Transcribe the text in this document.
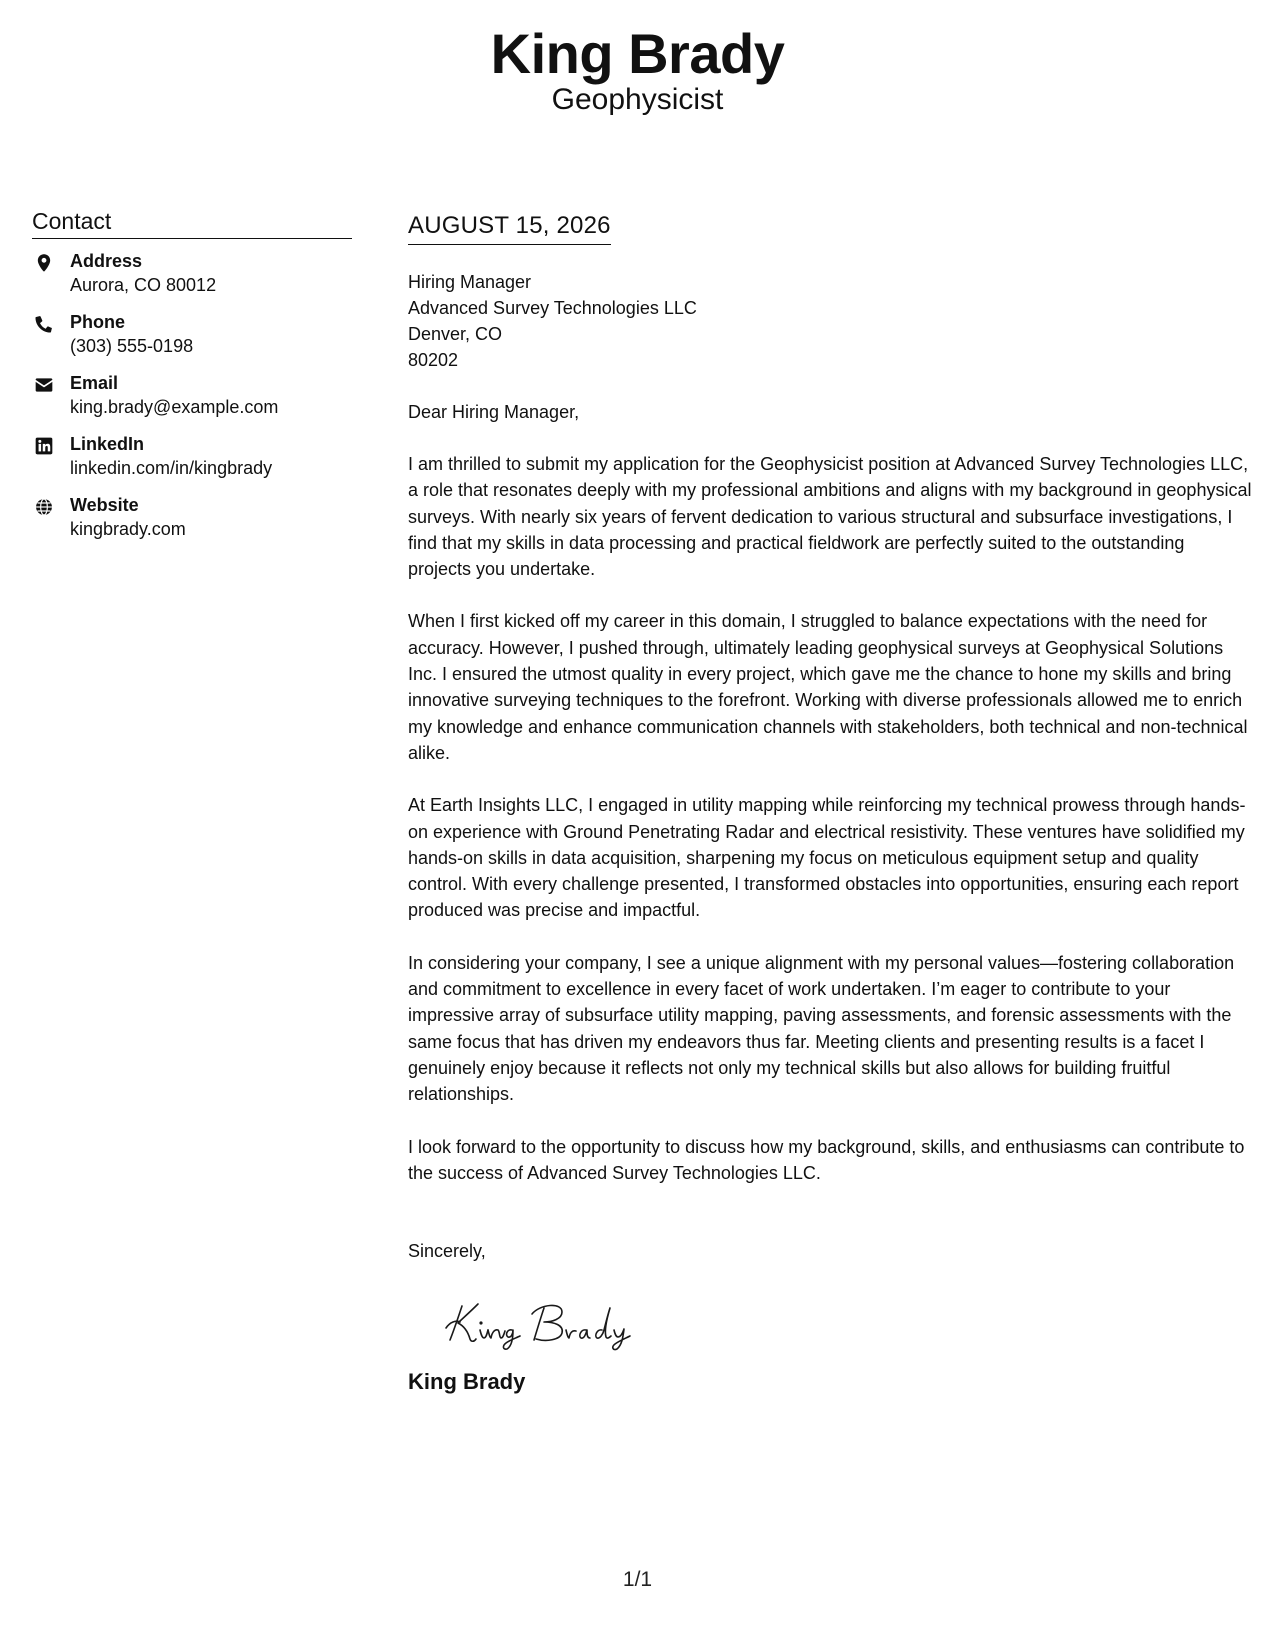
King Brady
Geophysicist
Contact
Address
Aurora, CO 80012
Phone
(303) 555-0198
Email
king.brady@example.com
LinkedIn
linkedin.com/in/kingbrady
Website
kingbrady.com
AUGUST 15, 2026
Hiring Manager
Advanced Survey Technologies LLC
Denver, CO
80202
Dear Hiring Manager,
I am thrilled to submit my application for the Geophysicist position at Advanced Survey Technologies LLC, a role that resonates deeply with my professional ambitions and aligns with my background in geophysical surveys. With nearly six years of fervent dedication to various structural and subsurface investigations, I find that my skills in data processing and practical fieldwork are perfectly suited to the outstanding projects you undertake.
When I first kicked off my career in this domain, I struggled to balance expectations with the need for accuracy. However, I pushed through, ultimately leading geophysical surveys at Geophysical Solutions Inc. I ensured the utmost quality in every project, which gave me the chance to hone my skills and bring innovative surveying techniques to the forefront. Working with diverse professionals allowed me to enrich my knowledge and enhance communication channels with stakeholders, both technical and non-technical alike.
At Earth Insights LLC, I engaged in utility mapping while reinforcing my technical prowess through hands-on experience with Ground Penetrating Radar and electrical resistivity. These ventures have solidified my hands-on skills in data acquisition, sharpening my focus on meticulous equipment setup and quality control. With every challenge presented, I transformed obstacles into opportunities, ensuring each report produced was precise and impactful.
In considering your company, I see a unique alignment with my personal values—fostering collaboration and commitment to excellence in every facet of work undertaken. I’m eager to contribute to your impressive array of subsurface utility mapping, paving assessments, and forensic assessments with the same focus that has driven my endeavors thus far. Meeting clients and presenting results is a facet I genuinely enjoy because it reflects not only my technical skills but also allows for building fruitful relationships.
I look forward to the opportunity to discuss how my background, skills, and enthusiasms can contribute to the success of Advanced Survey Technologies LLC.
Sincerely,
King Brady
1/1
